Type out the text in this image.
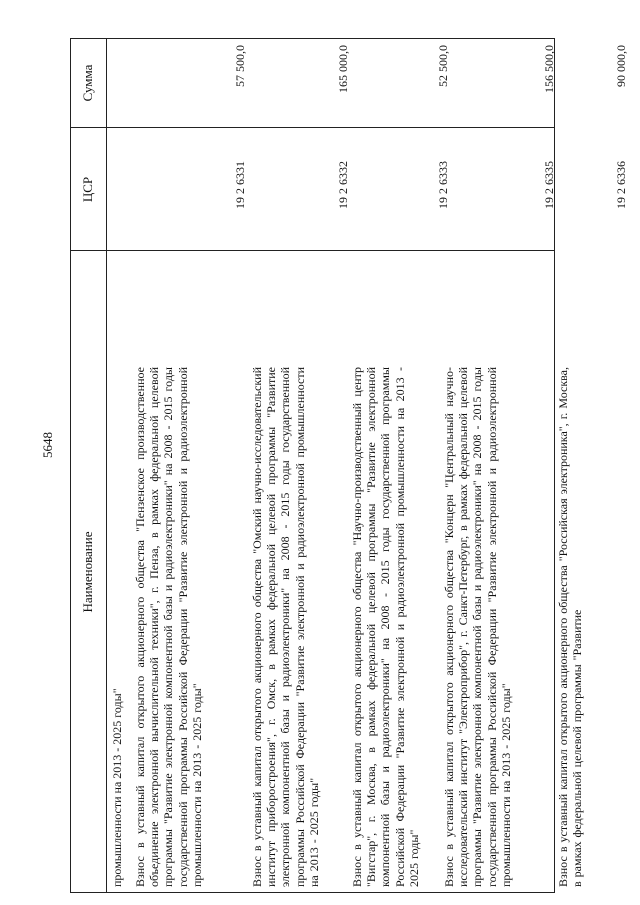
5648
Наименование
ЦСР
Сумма
промышленности на 2013 - 2025 годы" Взнос в уставный капитал открытого акционерного общества "Пензенское производственное объединение электронной вычислительной техники", г. Пенза, в рамках федеральной целевой программы "Развитие электронной компонентной базы и радиоэлектроники" на 2008 - 2015 годы государственной программы Российской Федерации "Развитие электронной и радиоэлектронной промышленности на 2013 - 2025 годы"
19 2 6331
57 500,0
Взнос в уставный капитал открытого акционерного общества "Омский научно-исследовательский институт приборостроения", г. Омск, в рамках федеральной целевой программы "Развитие электронной компонентной базы и радиоэлектроники" на 2008 - 2015 годы государственной программы Российской Федерации "Развитие электронной и радиоэлектронной промышленности на 2013 - 2025 годы"
19 2 6332
165 000,0
Взнос в уставный капитал открытого акционерного общества "Научно-производственный центр "Вигстар", г. Москва, в рамках федеральной целевой программы "Развитие электронной компонентной базы и радиоэлектроники" на 2008 - 2015 годы государственной программы Российской Федерации "Развитие электронной и радиоэлектронной промышленности на 2013 - 2025 годы"
19 2 6333
52 500,0
Взнос в уставный капитал открытого акционерного общества "Концерн "Центральный научно-исследовательский институт "Электроприбор", г. Санкт-Петербург, в рамках федеральной целевой программы "Развитие электронной компонентной базы и радиоэлектроники" на 2008 - 2015 годы государственной программы Российской Федерации "Развитие электронной и радиоэлектронной промышленности на 2013 - 2025 годы"
19 2 6335
156 500,0
Взнос в уставный капитал открытого акционерного общества "Российская электроника", г. Москва, в рамках федеральной целевой программы "Развитие
19 2 6336
90 000,0
